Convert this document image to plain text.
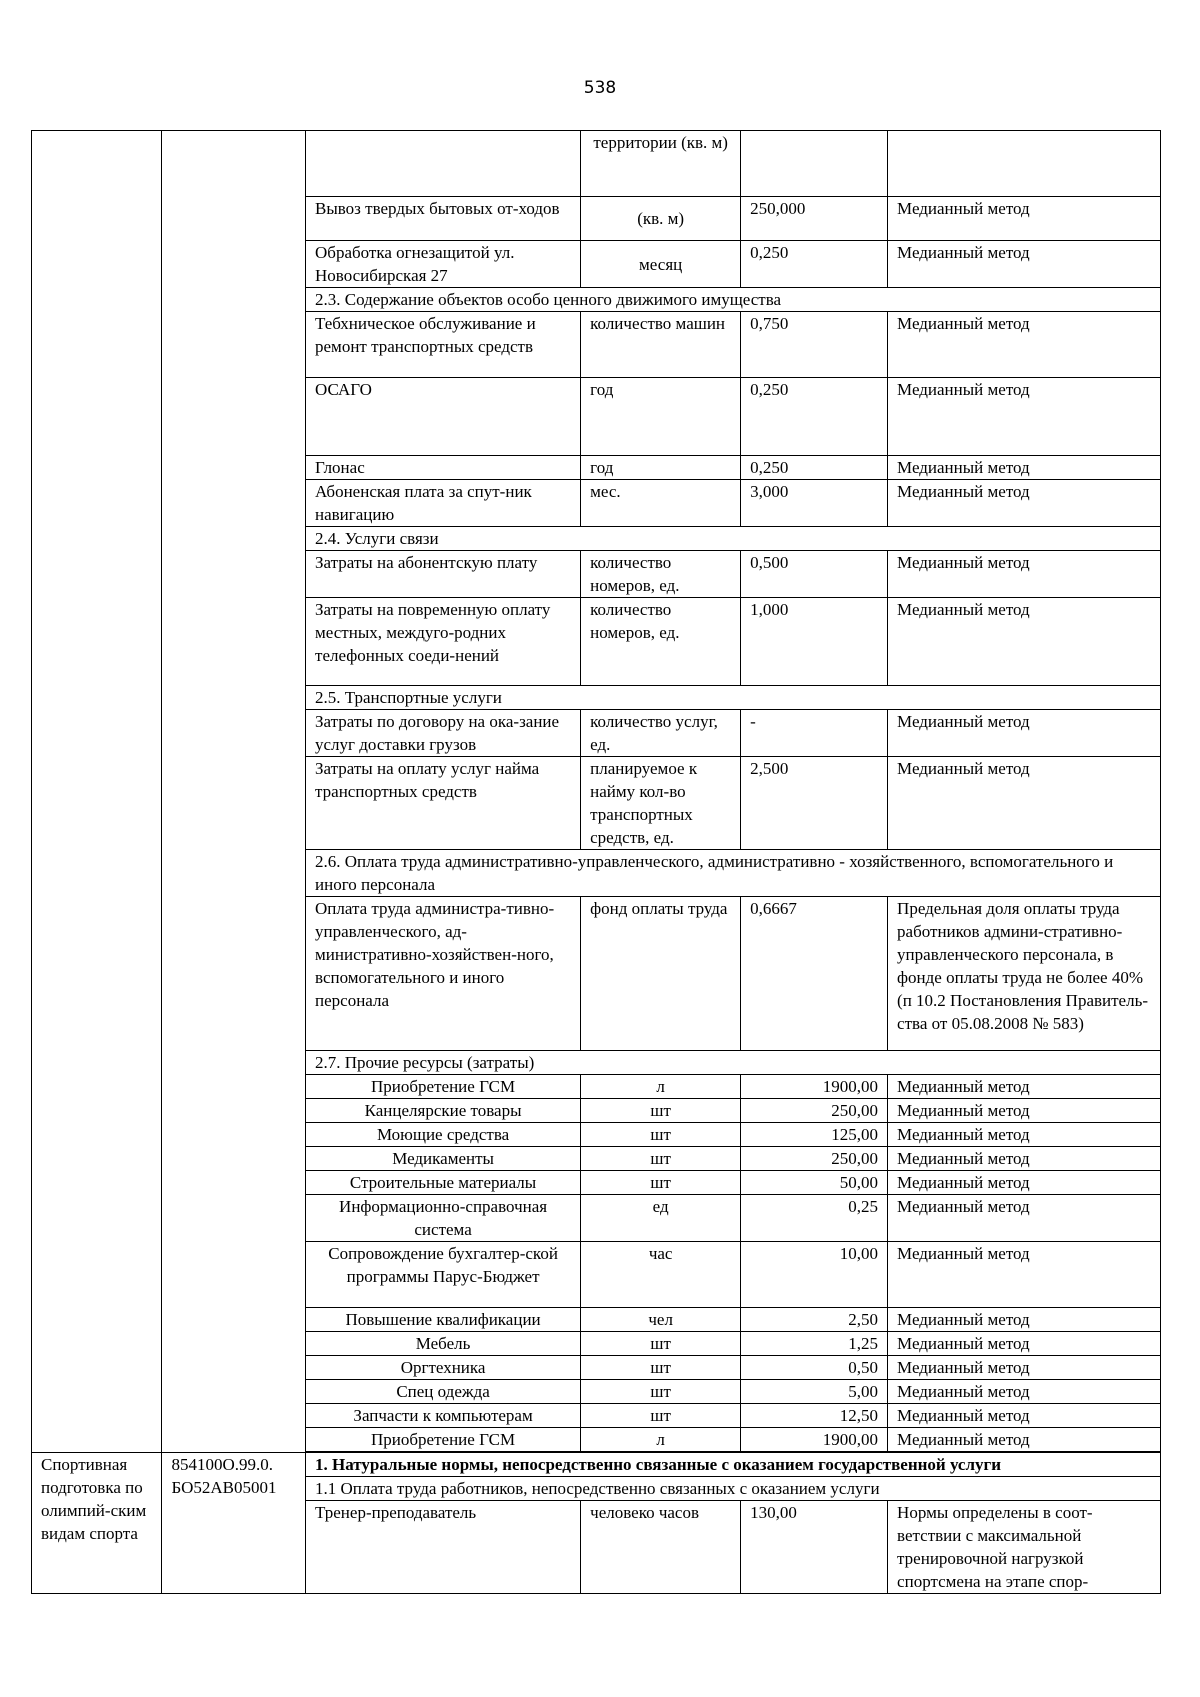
538
			территории (кв. м)		
		Вывоз твердых бытовых от-ходов	(кв. м)	250,000	Медианный метод
		Обработка огнезащитой ул. Новосибирская 27	месяц	0,250	Медианный метод
		2.3. Содержание объектов особо ценного движимого имущества			
		Тебхническое обслуживание и ремонт транспортных средств	количество машин	0,750	Медианный метод
		ОСАГО	год	0,250	Медианный метод
		Глонас	год	0,250	Медианный метод
		Абоненская плата за спут-ник навигацию	мес.	3,000	Медианный метод
		2.4. Услуги связи			
		Затраты на абонентскую плату	количество номеров, ед.	0,500	Медианный метод
		Затраты на повременную оплату местных, междуго-родних телефонных соеди-нений	количество номеров, ед.	1,000	Медианный метод
		2.5. Транспортные услуги			
		Затраты по договору на ока-зание услуг доставки грузов	количество услуг, ед.	-	Медианный метод
		Затраты на оплату услуг найма транспортных средств	планируемое к найму кол-во транспортных средств, ед.	2,500	Медианный метод
		2.6. Оплата труда административно-управленческого, административно - хозяйственного, вспомогательного и иного персонала			
		Оплата труда администра-тивно-управленческого, ад-министративно-хозяйствен-ного, вспомогательного и иного персонала	фонд оплаты труда	0,6667	Предельная доля оплаты труда работников админи-стративно-управленческого персонала, в фонде оплаты труда не более 40% (п 10.2 Постановления Правитель-ства от 05.08.2008 № 583)
		2.7. Прочие ресурсы (затраты)			
		Приобретение ГСМ	л	1900,00	Медианный метод
		Канцелярские товары	шт	250,00	Медианный метод
		Моющие средства	шт	125,00	Медианный метод
		Медикаменты	шт	250,00	Медианный метод
		Строительные материалы	шт	50,00	Медианный метод
		Информационно-справочная система	ед	0,25	Медианный метод
		Сопровождение бухгалтер-ской программы Парус-Бюджет	час	10,00	Медианный метод
		Повышение квалификации	чел	2,50	Медианный метод
		Мебель	шт	1,25	Медианный метод
		Оргтехника	шт	0,50	Медианный метод
		Спец одежда	шт	5,00	Медианный метод
		Запчасти к компьютерам	шт	12,50	Медианный метод
		Приобретение ГСМ	л	1900,00	Медианный метод

Спортивная подготовка по олимпий-ским видам спорта	854100О.99.0. БО52АВ05001	1. Натуральные нормы, непосредственно связанные с оказанием государственной услуги			
		1.1 Оплата труда работников, непосредственно связанных с оказанием услуги			
		Тренер-преподаватель	человеко часов	130,00	Нормы определены в соот-ветствии с максимальной тренировочной нагрузкой спортсмена на этапе спор-
